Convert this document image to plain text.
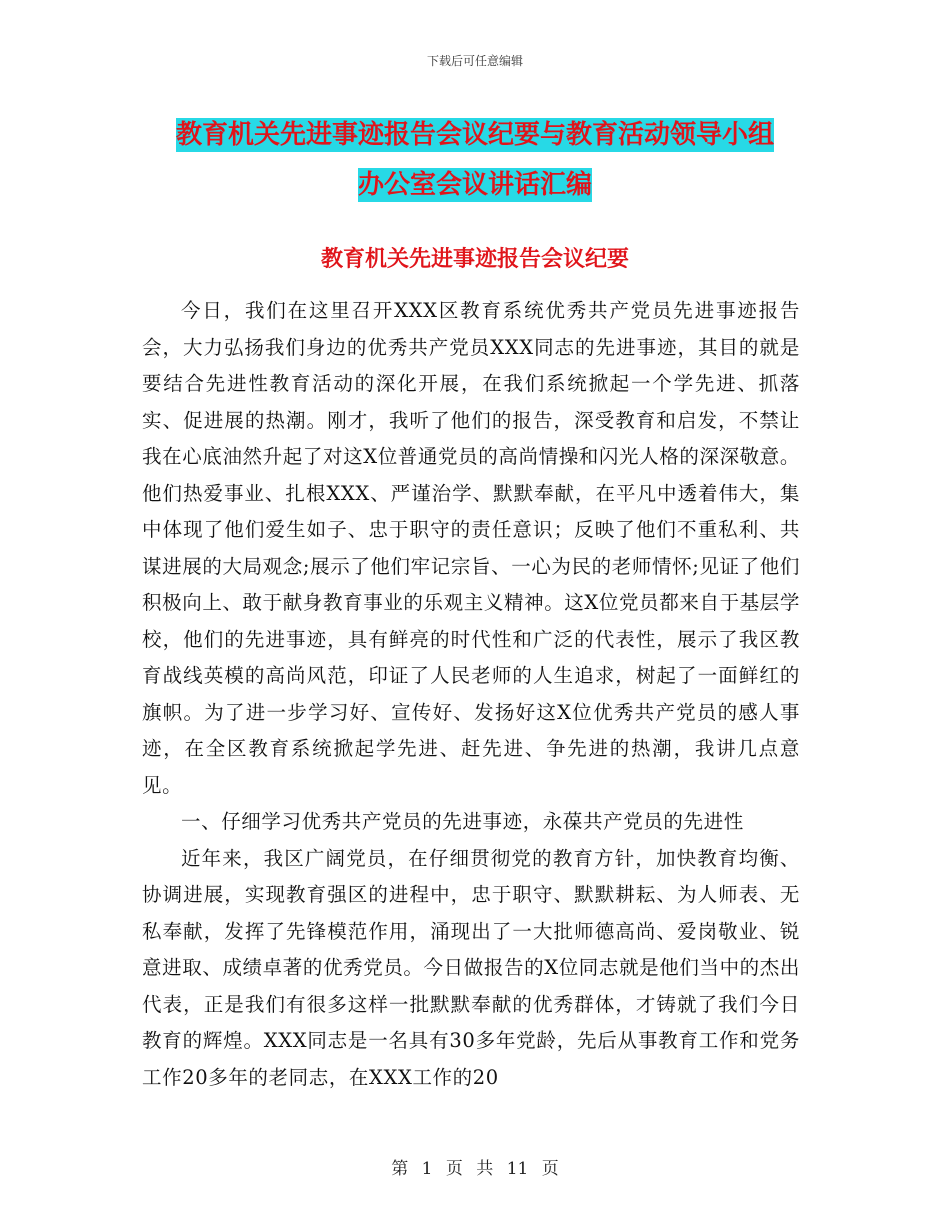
下载后可任意编辑
教育机关先进事迹报告会议纪要与教育活动领导小组
办公室会议讲话汇编
教育机关先进事迹报告会议纪要

今日，我们在这里召开XXX区教育系统优秀共产党员先进事迹报告会，大力弘扬我们身边的优秀共产党员XXX同志的先进事迹，其目的就是要结合先进性教育活动的深化开展，在我们系统掀起一个学先进、抓落实、促进展的热潮。刚才，我听了他们的报告，深受教育和启发，不禁让我在心底油然升起了对这X位普通党员的高尚情操和闪光人格的深深敬意。他们热爱事业、扎根XXX、严谨治学、默默奉献，在平凡中透着伟大，集中体现了他们爱生如子、忠于职守的责任意识；反映了他们不重私利、共谋进展的大局观念;展示了他们牢记宗旨、一心为民的老师情怀;见证了他们积极向上、敢于献身教育事业的乐观主义精神。这X位党员都来自于基层学校，他们的先进事迹，具有鲜亮的时代性和广泛的代表性，展示了我区教育战线英模的高尚风范，印证了人民老师的人生追求，树起了一面鲜红的旗帜。为了进一步学习好、宣传好、发扬好这X位优秀共产党员的感人事迹，在全区教育系统掀起学先进、赶先进、争先进的热潮，我讲几点意见。

一、仔细学习优秀共产党员的先进事迹，永葆共产党员的先进性

近年来，我区广阔党员，在仔细贯彻党的教育方针，加快教育均衡、协调进展，实现教育强区的进程中，忠于职守、默默耕耘、为人师表、无私奉献，发挥了先锋模范作用，涌现出了一大批师德高尚、爱岗敬业、锐意进取、成绩卓著的优秀党员。今日做报告的X位同志就是他们当中的杰出代表，正是我们有很多这样一批默默奉献的优秀群体，才铸就了我们今日教育的辉煌。XXX同志是一名具有30多年党龄，先后从事教育工作和党务工作20多年的老同志，在XXX工作的20

第 1 页 共 11 页
